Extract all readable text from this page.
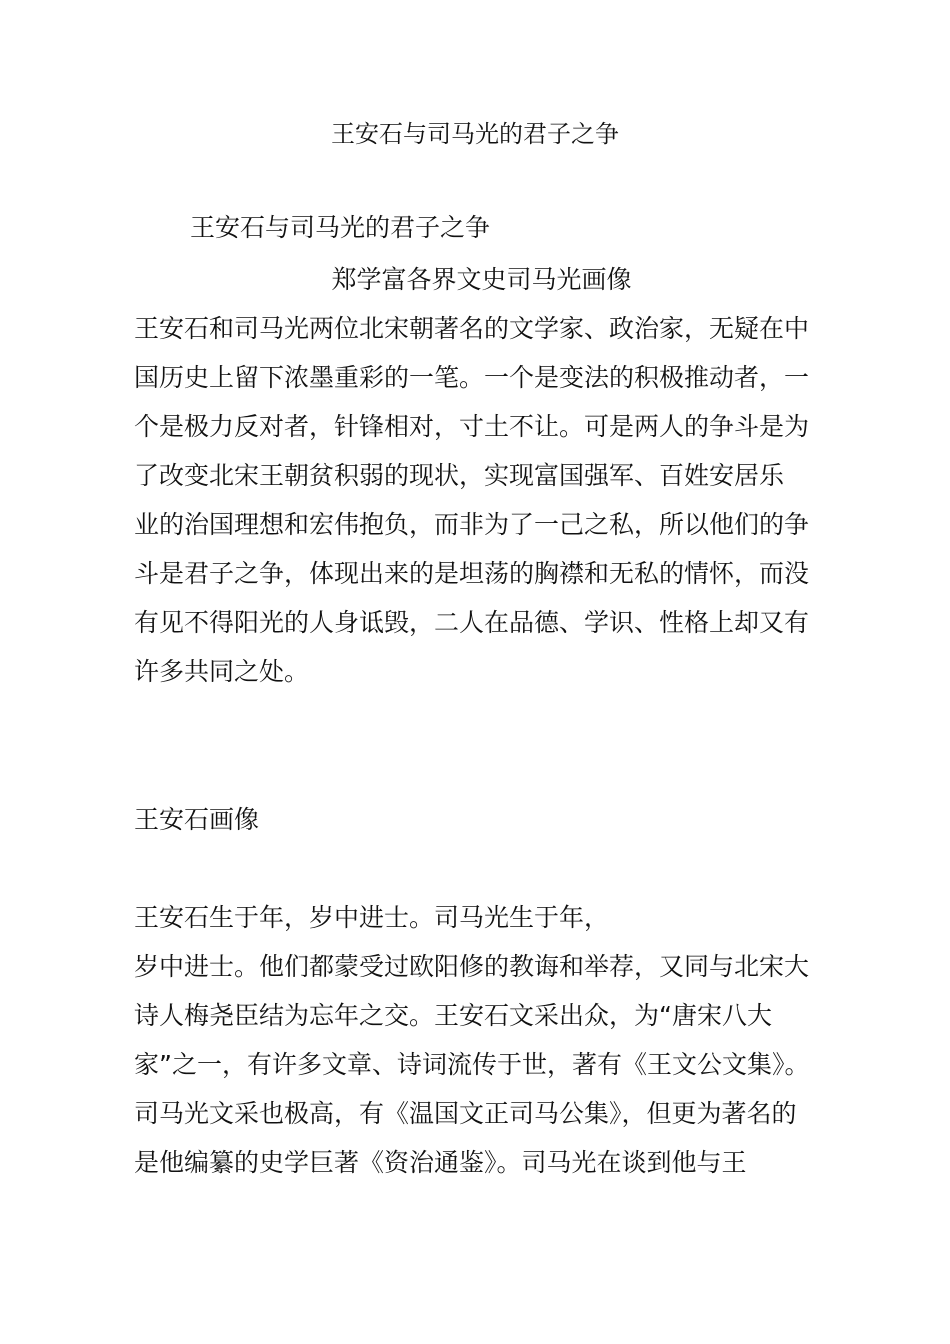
王安石与司马光的君子之争
王安石与司马光的君子之争
郑学富各界文史司马光画像
王安石和司马光两位北宋朝著名的文学家、政治家，无疑在中
国历史上留下浓墨重彩的一笔。一个是变法的积极推动者，一
个是极力反对者，针锋相对，寸土不让。可是两人的争斗是为
了改变北宋王朝贫积弱的现状，实现富国强军、百姓安居乐
业的治国理想和宏伟抱负，而非为了一己之私，所以他们的争
斗是君子之争，体现出来的是坦荡的胸襟和无私的情怀，而没
有见不得阳光的人身诋毁，二人在品德、学识、性格上却又有
许多共同之处。
王安石画像
王安石生于年，岁中进士。司马光生于年，
岁中进士。他们都蒙受过欧阳修的教诲和举荐，又同与北宋大
诗人梅尧臣结为忘年之交。王安石文采出众，为“唐宋八大
家”之一，有许多文章、诗词流传于世，著有《王文公文集》。
司马光文采也极高，有《温国文正司马公集》，但更为著名的
是他编纂的史学巨著《资治通鉴》。司马光在谈到他与王
